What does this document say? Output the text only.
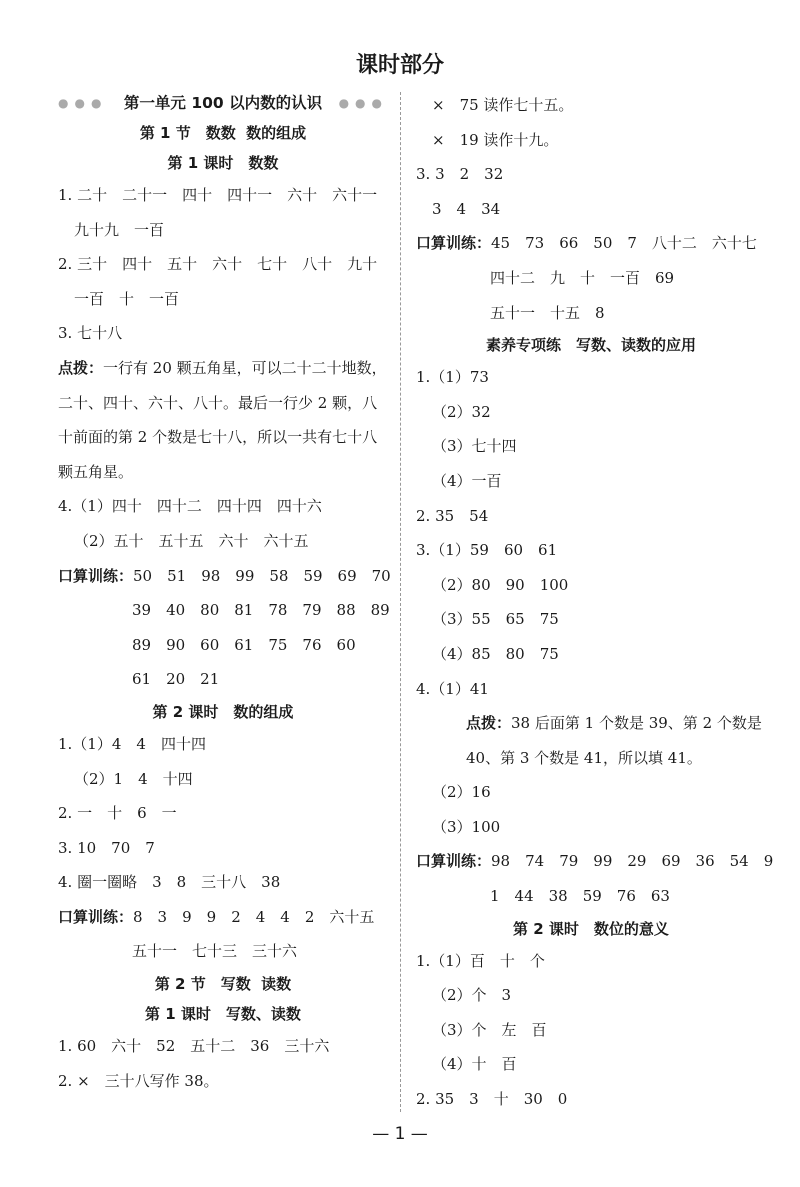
课时部分
●●● 第一单元 100 以内数的认识 ●●●
第 1 节　数数  数的组成
第 1 课时　数数
1. 二十　二十一　四十　四十一　六十　六十一
九十九　一百
2. 三十　四十　五十　六十　七十　八十　九十
一百　十　一百
3. 七十八
点拨：一行有 20 颗五角星，可以二十二十地数，二十、四十、六十、八十。最后一行少 2 颗，八十前面的第 2 个数是七十八，所以一共有七十八颗五角星。
4.（1）四十　四十二　四十四　四十六
（2）五十　五十五　六十　六十五
口算训练：50　51　98　99　58　59　69　70
39　40　80　81　78　79　88　89
89　90　60　61　75　76　60
61　20　21
第 2 课时　数的组成
1.（1）4　4　四十四
（2）1　4　十四
2. 一　十　6　一
3. 10　70　7
4. 圈一圈略　3　8　三十八　38
口算训练：8　3　9　9　2　4　4　2　六十五
五十一　七十三　三十六
第 2 节　写数  读数
第 1 课时　写数、读数
1. 60　六十　52　五十二　36　三十六
2. ×　三十八写作 38。
×　75 读作七十五。
×　19 读作十九。
3. 3　2　32
3　4　34
口算训练：45　73　66　50　7　八十二　六十七
四十二　九　十　一百　69
五十一　十五　8
素养专项练　写数、读数的应用
1.（1）73
（2）32
（3）七十四
（4）一百
2. 35　54
3.（1）59　60　61
（2）80　90　100
（3）55　65　75
（4）85　80　75
4.（1）41
点拨：38 后面第 1 个数是 39、第 2 个数是 40、第 3 个数是 41，所以填 41。
（2）16
（3）100
口算训练：98　74　79　99　29　69　36　54　9
1　44　38　59　76　63
第 2 课时　数位的意义
1.（1）百　十　个
（2）个　3
（3）个　左　百
（4）十　百
2. 35　3　十　30　0
— 1 —
